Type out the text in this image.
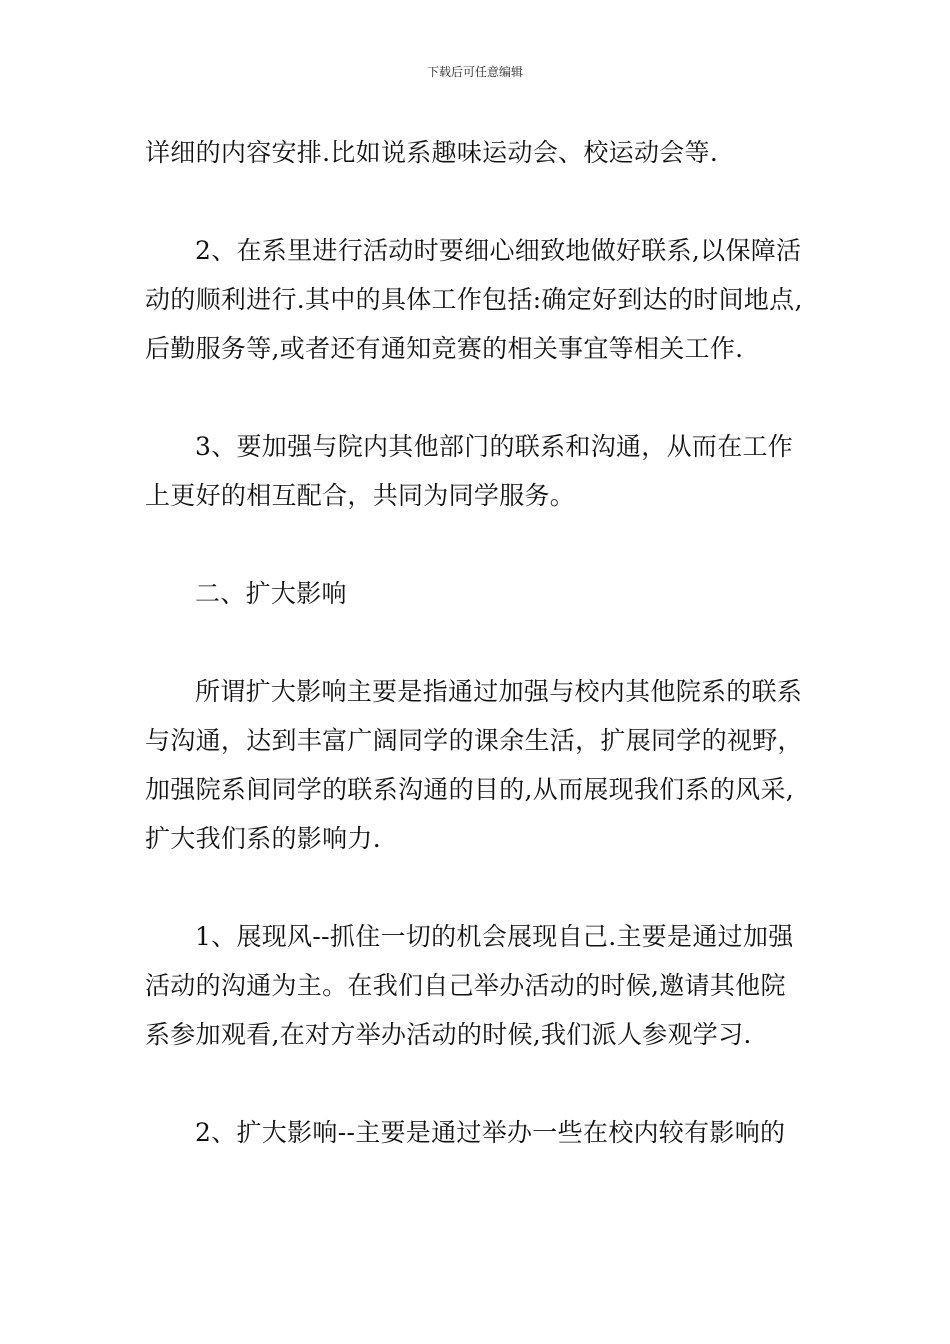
下载后可任意编辑

详细的内容安排.比如说系趣味运动会、校运动会等.

2、在系里进行活动时要细心细致地做好联系,以保障活动的顺利进行.其中的具体工作包括:确定好到达的时间地点,后勤服务等,或者还有通知竞赛的相关事宜等相关工作.

3、要加强与院内其他部门的联系和沟通，从而在工作上更好的相互配合，共同为同学服务。

二、扩大影响

所谓扩大影响主要是指通过加强与校内其他院系的联系与沟通，达到丰富广阔同学的课余生活，扩展同学的视野，加强院系间同学的联系沟通的目的,从而展现我们系的风采,扩大我们系的影响力.

1、展现风--抓住一切的机会展现自己.主要是通过加强活动的沟通为主。在我们自己举办活动的时候,邀请其他院系参加观看,在对方举办活动的时候,我们派人参观学习.

2、扩大影响--主要是通过举办一些在校内较有影响的
